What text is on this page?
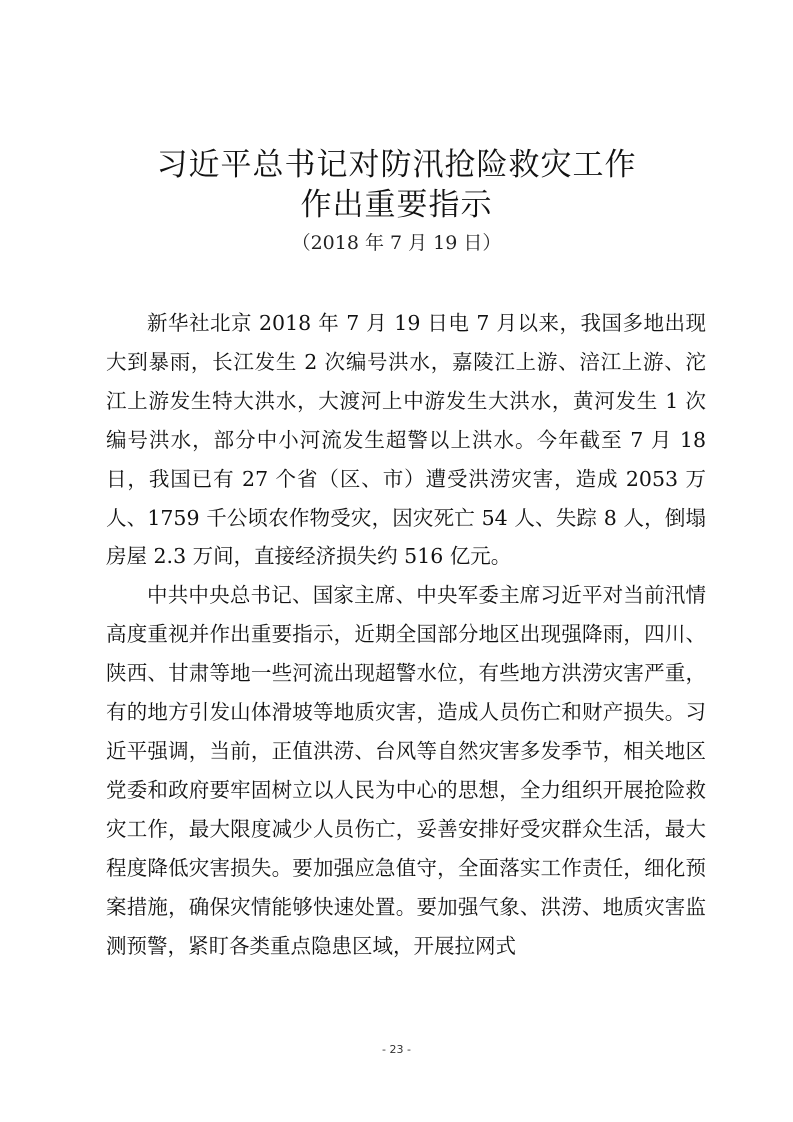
习近平总书记对防汛抢险救灾工作
作出重要指示
（2018 年 7 月 19 日）

新华社北京 2018 年 7 月 19 日电 7 月以来，我国多地出现大到暴雨，长江发生 2 次编号洪水，嘉陵江上游、涪江上游、沱江上游发生特大洪水，大渡河上中游发生大洪水，黄河发生 1 次编号洪水，部分中小河流发生超警以上洪水。今年截至 7 月 18 日，我国已有 27 个省（区、市）遭受洪涝灾害，造成 2053 万人、1759 千公顷农作物受灾，因灾死亡 54 人、失踪 8 人，倒塌房屋 2.3 万间，直接经济损失约 516 亿元。

中共中央总书记、国家主席、中央军委主席习近平对当前汛情高度重视并作出重要指示，近期全国部分地区出现强降雨，四川、陕西、甘肃等地一些河流出现超警水位，有些地方洪涝灾害严重，有的地方引发山体滑坡等地质灾害，造成人员伤亡和财产损失。习近平强调，当前，正值洪涝、台风等自然灾害多发季节，相关地区党委和政府要牢固树立以人民为中心的思想，全力组织开展抢险救灾工作，最大限度减少人员伤亡，妥善安排好受灾群众生活，最大程度降低灾害损失。要加强应急值守，全面落实工作责任，细化预案措施，确保灾情能够快速处置。要加强气象、洪涝、地质灾害监测预警，紧盯各类重点隐患区域，开展拉网式

- 23 -
